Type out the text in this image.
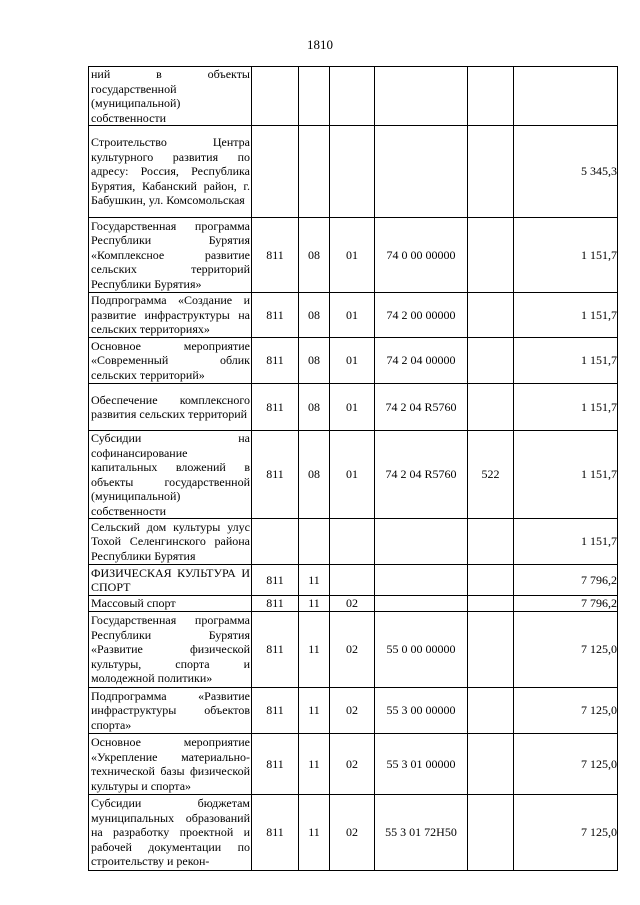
1810
ний в объекты государственной (муниципальной) собственности						

Строительство Центра культурного развития по адресу: Россия, Республика Бурятия, Кабанский район, г. Бабушкин, ул. Комсомольская						5 345,3

Государственная программа Республики Бурятия «Комплексное развитие сельских территорий Республики Бурятия»	811	08	01	74 0 00 00000		1 151,7

Подпрограмма «Создание и развитие инфраструктуры на сельских территориях»	811	08	01	74 2 00 00000		1 151,7

Основное мероприятие «Современный облик сельских территорий»	811	08	01	74 2 04 00000		1 151,7

Обеспечение комплексного развития сельских территорий	811	08	01	74 2 04 R5760		1 151,7

Субсидии на софинансирование капитальных вложений в объекты государственной (муниципальной) собственности	811	08	01	74 2 04 R5760	522	1 151,7

Сельский дом культуры улус Тохой Селенгинского района Республики Бурятия						1 151,7

ФИЗИЧЕСКАЯ КУЛЬТУРА И СПОРТ	811	11				7 796,2

Массовый спорт	811	11	02			7 796,2

Государственная программа Республики Бурятия «Развитие физической культуры, спорта и молодежной политики»	811	11	02	55 0 00 00000		7 125,0

Подпрограмма «Развитие инфраструктуры объектов спорта»	811	11	02	55 3 00 00000		7 125,0

Основное мероприятие «Укрепление материально-технической базы физической культуры и спорта»	811	11	02	55 3 01 00000		7 125,0

Субсидии бюджетам муниципальных образований на разработку проектной и рабочей документации по строительству и рекон-	811	11	02	55 3 01 72Н50		7 125,0
